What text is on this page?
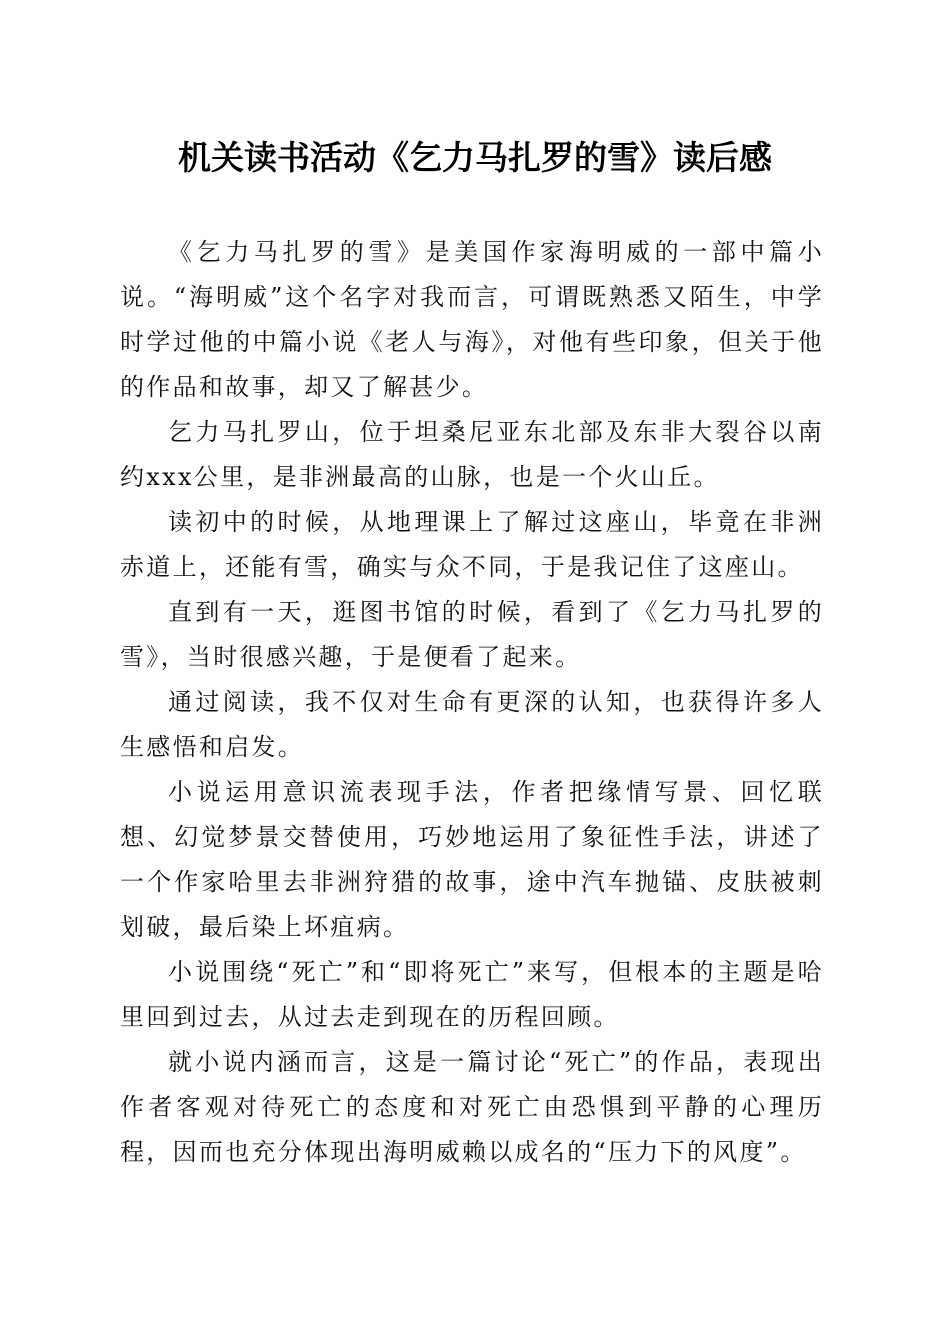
机关读书活动《乞力马扎罗的雪》读后感

《乞力马扎罗的雪》是美国作家海明威的一部中篇小说。“海明威”这个名字对我而言，可谓既熟悉又陌生，中学时学过他的中篇小说《老人与海》，对他有些印象，但关于他的作品和故事，却又了解甚少。

乞力马扎罗山，位于坦桑尼亚东北部及东非大裂谷以南约xxx公里，是非洲最高的山脉，也是一个火山丘。

读初中的时候，从地理课上了解过这座山，毕竟在非洲赤道上，还能有雪，确实与众不同，于是我记住了这座山。

直到有一天，逛图书馆的时候，看到了《乞力马扎罗的雪》，当时很感兴趣，于是便看了起来。

通过阅读，我不仅对生命有更深的认知，也获得许多人生感悟和启发。

小说运用意识流表现手法，作者把缘情写景、回忆联想、幻觉梦景交替使用，巧妙地运用了象征性手法，讲述了一个作家哈里去非洲狩猎的故事，途中汽车抛锚、皮肤被刺划破，最后染上坏疽病。

小说围绕“死亡”和“即将死亡”来写，但根本的主题是哈里回到过去，从过去走到现在的历程回顾。

就小说内涵而言，这是一篇讨论“死亡”的作品，表现出作者客观对待死亡的态度和对死亡由恐惧到平静的心理历程，因而也充分体现出海明威赖以成名的“压力下的风度”。
